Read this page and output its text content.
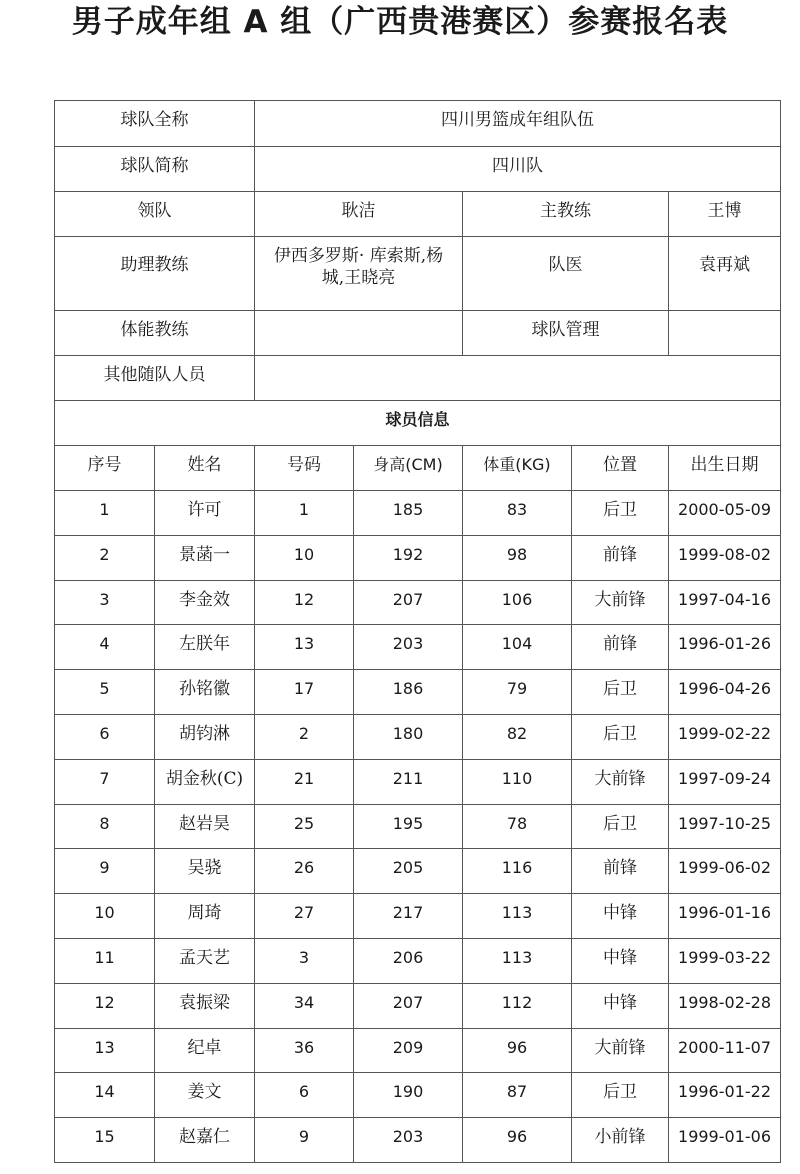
男子成年组 A 组（广西贵港赛区）参赛报名表
球队全称		四川男篮成年组队伍				
球队简称		四川队				
领队		耿洁		主教练		王博
助理教练		伊西多罗斯· 库索斯,杨城,王晓亮		队医		袁再斌
体能教练				球队管理		
其他随队人员						
球员信息						
序号	姓名	号码	身高(CM)	体重(KG)	位置	出生日期
1	许可	1	185	83	后卫	2000-05-09
2	景菡一	10	192	98	前锋	1999-08-02
3	李金效	12	207	106	大前锋	1997-04-16
4	左朕年	13	203	104	前锋	1996-01-26
5	孙铭徽	17	186	79	后卫	1996-04-26
6	胡钧淋	2	180	82	后卫	1999-02-22
7	胡金秋(C)	21	211	110	大前锋	1997-09-24
8	赵岩昊	25	195	78	后卫	1997-10-25
9	吴骁	26	205	116	前锋	1999-06-02
10	周琦	27	217	113	中锋	1996-01-16
11	孟天艺	3	206	113	中锋	1999-03-22
12	袁振梁	34	207	112	中锋	1998-02-28
13	纪卓	36	209	96	大前锋	2000-11-07
14	姜文	6	190	87	后卫	1996-01-22
15	赵嘉仁	9	203	96	小前锋	1999-01-06
